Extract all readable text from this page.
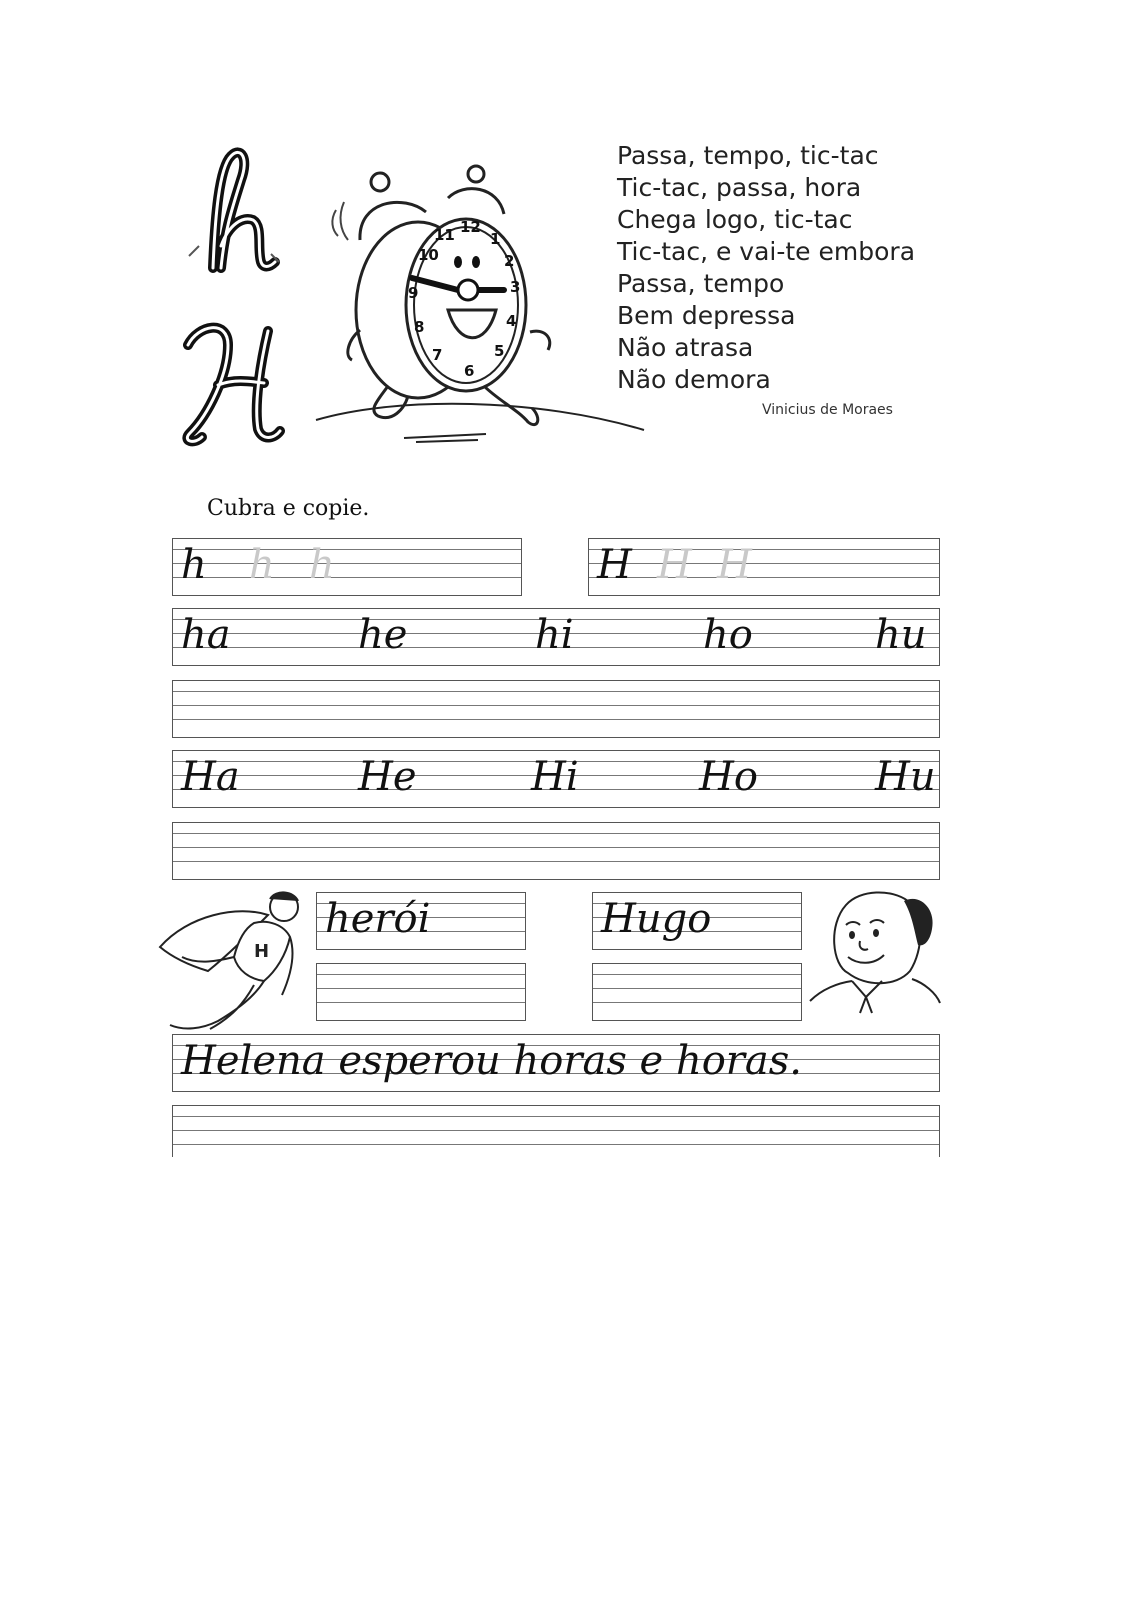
12
1
2
3
4
5
6
7
8
9
10
11
Passa, tempo, tic-tac
Tic-tac, passa, hora
Chega logo, tic-tac
Tic-tac, e vai-te embora
Passa, tempo
Bem depressa
Não atrasa
Não demora
Vinicius de Moraes
Cubra e copie.
h h h	H H H
ha	he	hi	ho	hu
Ha	He	Hi	Ho	Hu
H
herói	Hugo
Helena esperou horas e horas.
